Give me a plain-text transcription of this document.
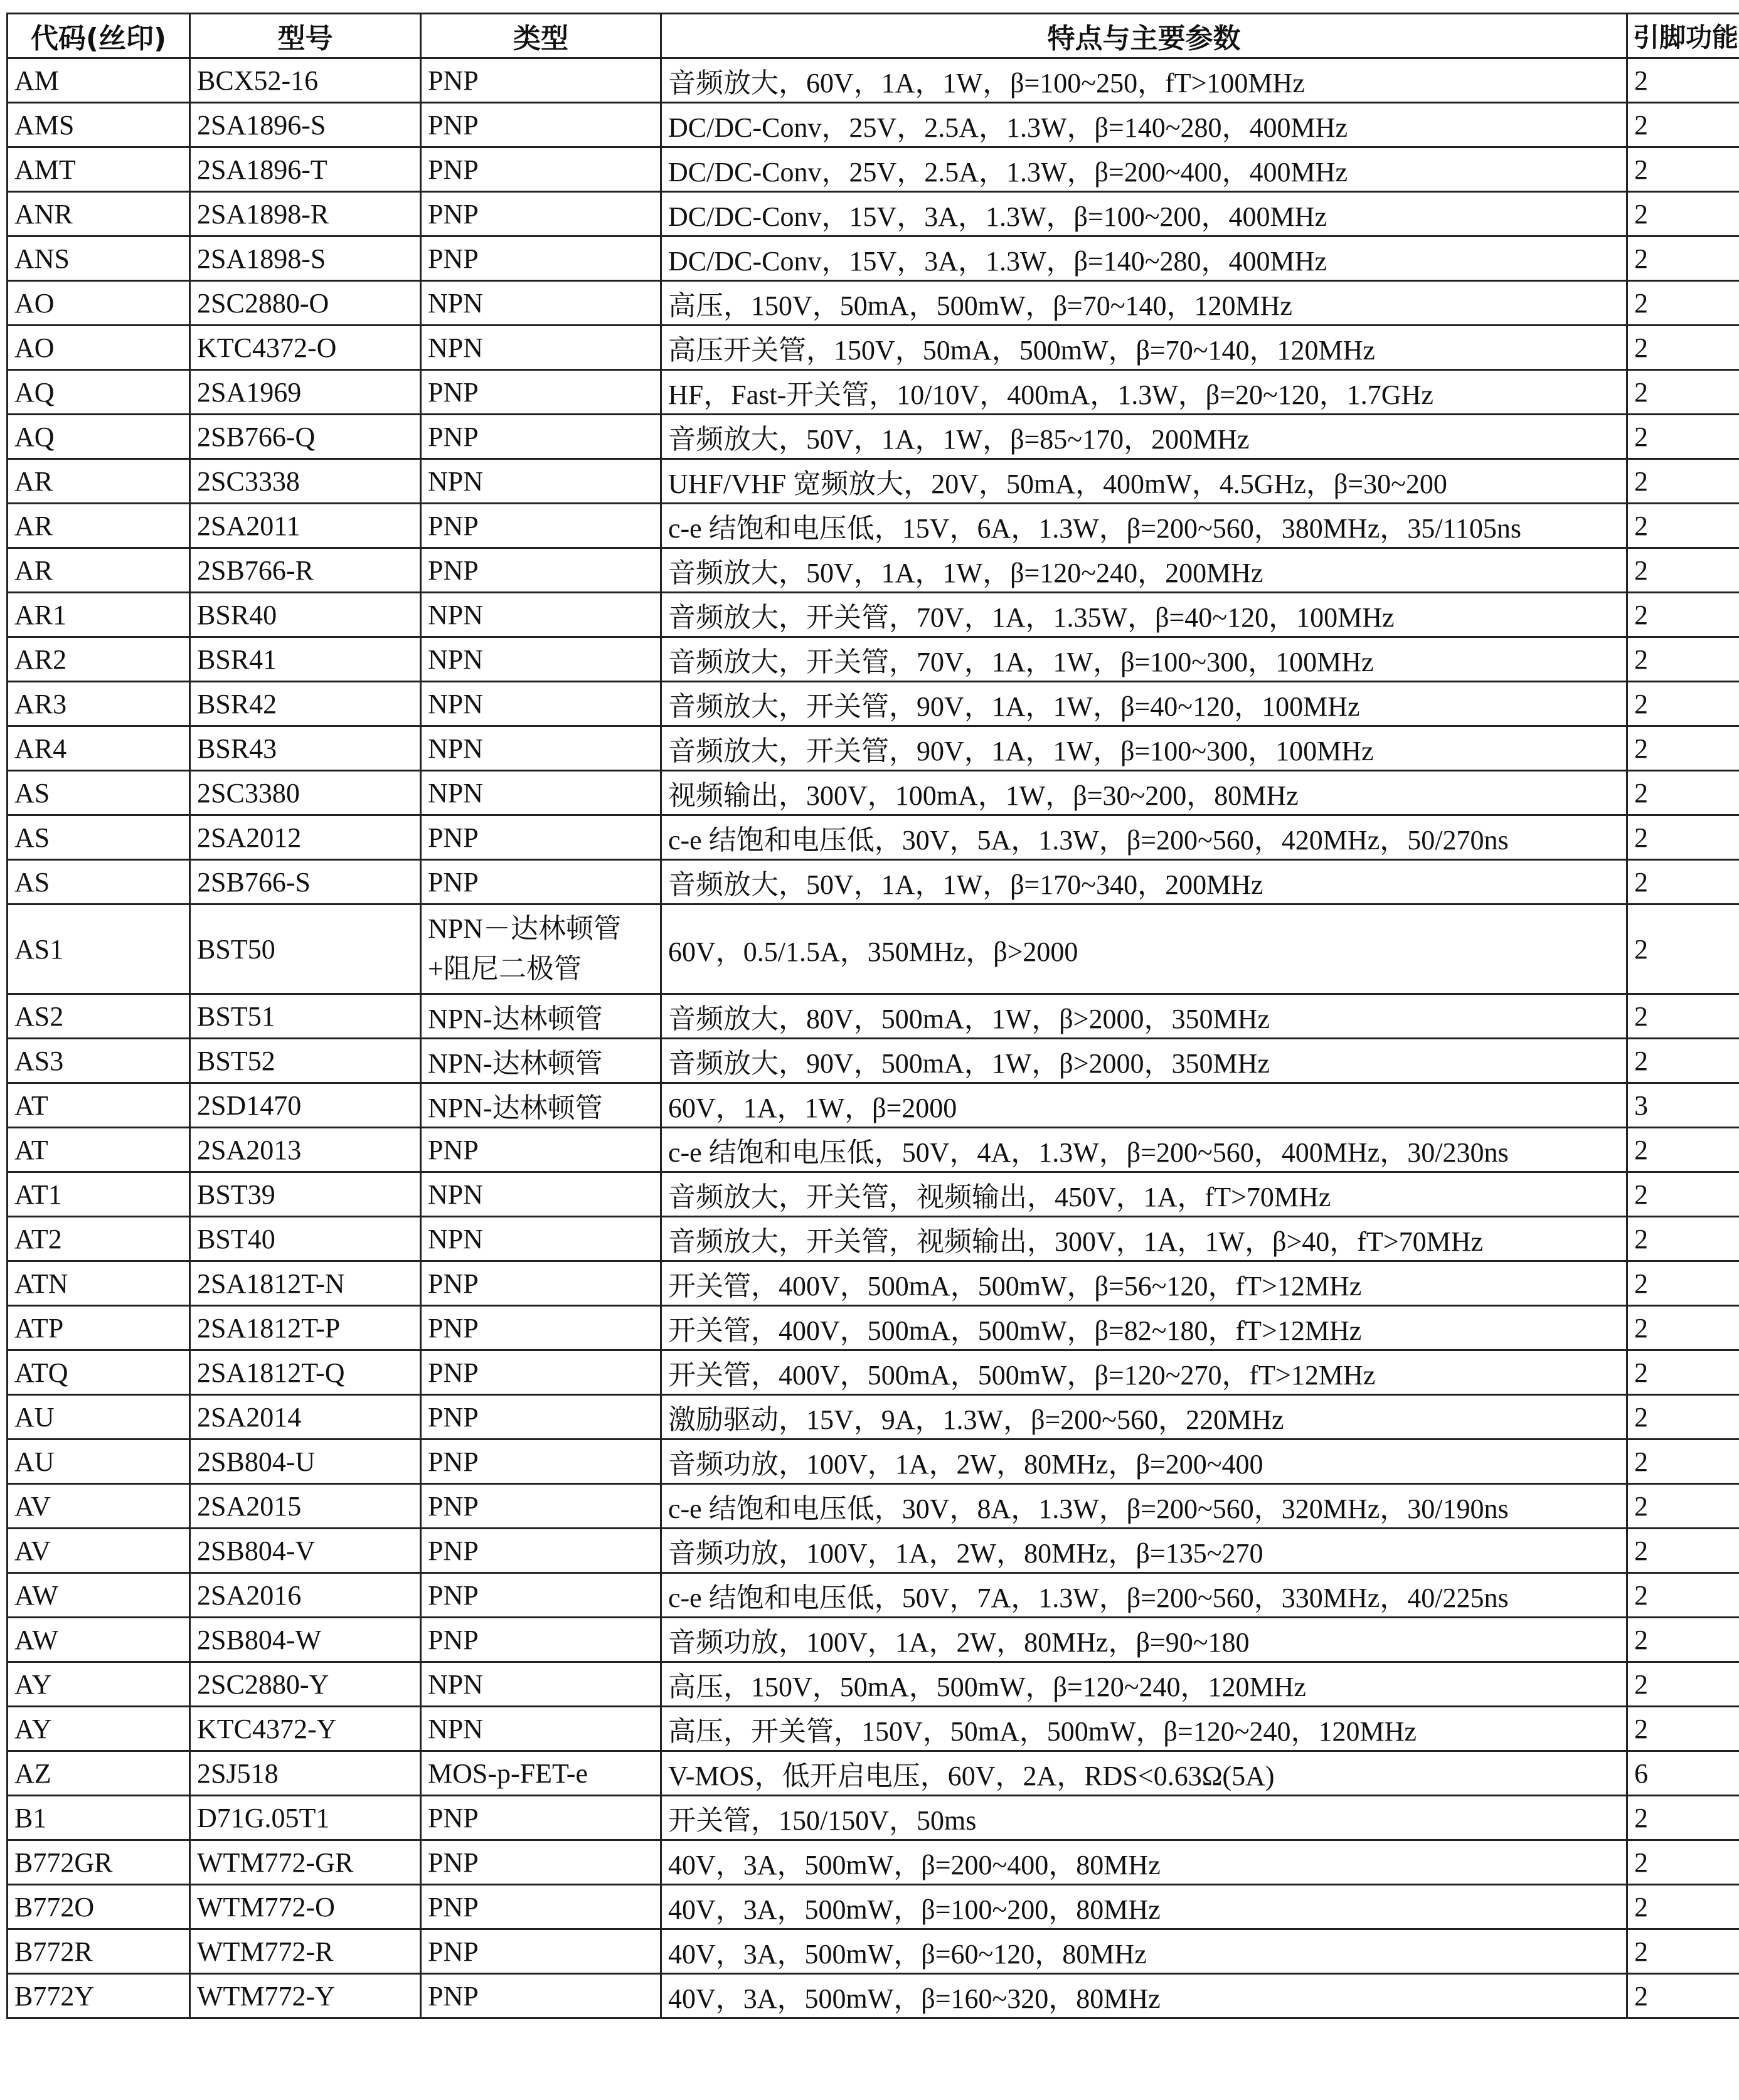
代码(丝印)	型号	类型	特点与主要参数	引脚功能
AM	BCX52-16	PNP	音频放大，60V，1A，1W，β=100~250，fT>100MHz	2
AMS	2SA1896-S	PNP	DC/DC-Conv，25V，2.5A，1.3W，β=140~280，400MHz	2
AMT	2SA1896-T	PNP	DC/DC-Conv，25V，2.5A，1.3W，β=200~400，400MHz	2
ANR	2SA1898-R	PNP	DC/DC-Conv，15V，3A，1.3W，β=100~200，400MHz	2
ANS	2SA1898-S	PNP	DC/DC-Conv，15V，3A，1.3W，β=140~280，400MHz	2
AO	2SC2880-O	NPN	高压，150V，50mA，500mW，β=70~140，120MHz	2
AO	KTC4372-O	NPN	高压开关管，150V，50mA，500mW，β=70~140，120MHz	2
AQ	2SA1969	PNP	HF，Fast-开关管，10/10V，400mA，1.3W，β=20~120，1.7GHz	2
AQ	2SB766-Q	PNP	音频放大，50V，1A，1W，β=85~170，200MHz	2
AR	2SC3338	NPN	UHF/VHF 宽频放大，20V，50mA，400mW，4.5GHz，β=30~200	2
AR	2SA2011	PNP	c-e 结饱和电压低，15V，6A，1.3W，β=200~560，380MHz，35/1105ns	2
AR	2SB766-R	PNP	音频放大，50V，1A，1W，β=120~240，200MHz	2
AR1	BSR40	NPN	音频放大，开关管，70V，1A，1.35W，β=40~120，100MHz	2
AR2	BSR41	NPN	音频放大，开关管，70V，1A，1W，β=100~300，100MHz	2
AR3	BSR42	NPN	音频放大，开关管，90V，1A，1W，β=40~120，100MHz	2
AR4	BSR43	NPN	音频放大，开关管，90V，1A，1W，β=100~300，100MHz	2
AS	2SC3380	NPN	视频输出，300V，100mA，1W，β=30~200，80MHz	2
AS	2SA2012	PNP	c-e 结饱和电压低，30V，5A，1.3W，β=200~560，420MHz，50/270ns	2
AS	2SB766-S	PNP	音频放大，50V，1A，1W，β=170~340，200MHz	2
AS1	BST50	NPN－达林顿管+阻尼二极管	60V，0.5/1.5A，350MHz，β>2000	2
AS2	BST51	NPN-达林顿管	音频放大，80V，500mA，1W，β>2000，350MHz	2
AS3	BST52	NPN-达林顿管	音频放大，90V，500mA，1W，β>2000，350MHz	2
AT	2SD1470	NPN-达林顿管	60V，1A，1W，β=2000	3
AT	2SA2013	PNP	c-e 结饱和电压低，50V，4A，1.3W，β=200~560，400MHz，30/230ns	2
AT1	BST39	NPN	音频放大，开关管，视频输出，450V，1A，fT>70MHz	2
AT2	BST40	NPN	音频放大，开关管，视频输出，300V，1A，1W，β>40，fT>70MHz	2
ATN	2SA1812T-N	PNP	开关管，400V，500mA，500mW，β=56~120，fT>12MHz	2
ATP	2SA1812T-P	PNP	开关管，400V，500mA，500mW，β=82~180，fT>12MHz	2
ATQ	2SA1812T-Q	PNP	开关管，400V，500mA，500mW，β=120~270，fT>12MHz	2
AU	2SA2014	PNP	激励驱动，15V，9A，1.3W，β=200~560，220MHz	2
AU	2SB804-U	PNP	音频功放，100V，1A，2W，80MHz，β=200~400	2
AV	2SA2015	PNP	c-e 结饱和电压低，30V，8A，1.3W，β=200~560，320MHz，30/190ns	2
AV	2SB804-V	PNP	音频功放，100V，1A，2W，80MHz，β=135~270	2
AW	2SA2016	PNP	c-e 结饱和电压低，50V，7A，1.3W，β=200~560，330MHz，40/225ns	2
AW	2SB804-W	PNP	音频功放，100V，1A，2W，80MHz，β=90~180	2
AY	2SC2880-Y	NPN	高压，150V，50mA，500mW，β=120~240，120MHz	2
AY	KTC4372-Y	NPN	高压，开关管，150V，50mA，500mW，β=120~240，120MHz	2
AZ	2SJ518	MOS-p-FET-e	V-MOS，低开启电压，60V，2A，RDS<0.63Ω(5A)	6
B1	D71G.05T1	PNP	开关管，150/150V，50ms	2
B772GR	WTM772-GR	PNP	40V，3A，500mW，β=200~400，80MHz	2
B772O	WTM772-O	PNP	40V，3A，500mW，β=100~200，80MHz	2
B772R	WTM772-R	PNP	40V，3A，500mW，β=60~120，80MHz	2
B772Y	WTM772-Y	PNP	40V，3A，500mW，β=160~320，80MHz	2
